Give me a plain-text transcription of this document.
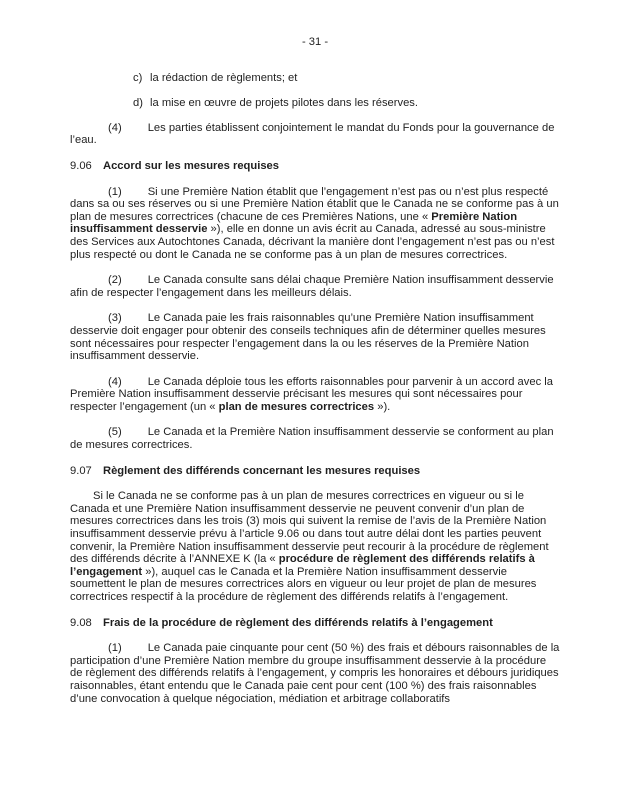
- 31 -
c) la rédaction de règlements; et
d) la mise en œuvre de projets pilotes dans les réserves.

(4) Les parties établissent conjointement le mandat du Fonds pour la gouvernance de l’eau.

9.06	Accord sur les mesures requises

(1) Si une Première Nation établit que l’engagement n’est pas ou n’est plus respecté dans sa ou ses réserves ou si une Première Nation établit que le Canada ne se conforme pas à un plan de mesures correctrices (chacune de ces Premières Nations, une « Première Nation insuffisamment desservie »), elle en donne un avis écrit au Canada, adressé au sous-ministre des Services aux Autochtones Canada, décrivant la manière dont l’engagement n’est pas ou n’est plus respecté ou dont le Canada ne se conforme pas à un plan de mesures correctrices.

(2) Le Canada consulte sans délai chaque Première Nation insuffisamment desservie afin de respecter l’engagement dans les meilleurs délais.

(3) Le Canada paie les frais raisonnables qu’une Première Nation insuffisamment desservie doit engager pour obtenir des conseils techniques afin de déterminer quelles mesures sont nécessaires pour respecter l’engagement dans la ou les réserves de la Première Nation insuffisamment desservie.

(4) Le Canada déploie tous les efforts raisonnables pour parvenir à un accord avec la Première Nation insuffisamment desservie précisant les mesures qui sont nécessaires pour respecter l’engagement (un « plan de mesures correctrices »).

(5) Le Canada et la Première Nation insuffisamment desservie se conforment au plan de mesures correctrices.

9.07	Règlement des différends concernant les mesures requises

Si le Canada ne se conforme pas à un plan de mesures correctrices en vigueur ou si le Canada et une Première Nation insuffisamment desservie ne peuvent convenir d’un plan de mesures correctrices dans les trois (3) mois qui suivent la remise de l’avis de la Première Nation insuffisamment desservie prévu à l’article 9.06 ou dans tout autre délai dont les parties peuvent convenir, la Première Nation insuffisamment desservie peut recourir à la procédure de règlement des différends décrite à l’ANNEXE K (la « procédure de règlement des différends relatifs à l’engagement »), auquel cas le Canada et la Première Nation insuffisamment desservie soumettent le plan de mesures correctrices alors en vigueur ou leur projet de plan de mesures correctrices respectif à la procédure de règlement des différends relatifs à l’engagement.

9.08	Frais de la procédure de règlement des différends relatifs à l’engagement

(1) Le Canada paie cinquante pour cent (50 %) des frais et débours raisonnables de la participation d’une Première Nation membre du groupe insuffisamment desservie à la procédure de règlement des différends relatifs à l’engagement, y compris les honoraires et débours juridiques raisonnables, étant entendu que le Canada paie cent pour cent (100 %) des frais raisonnables d’une convocation à quelque négociation, médiation et arbitrage collaboratifs
